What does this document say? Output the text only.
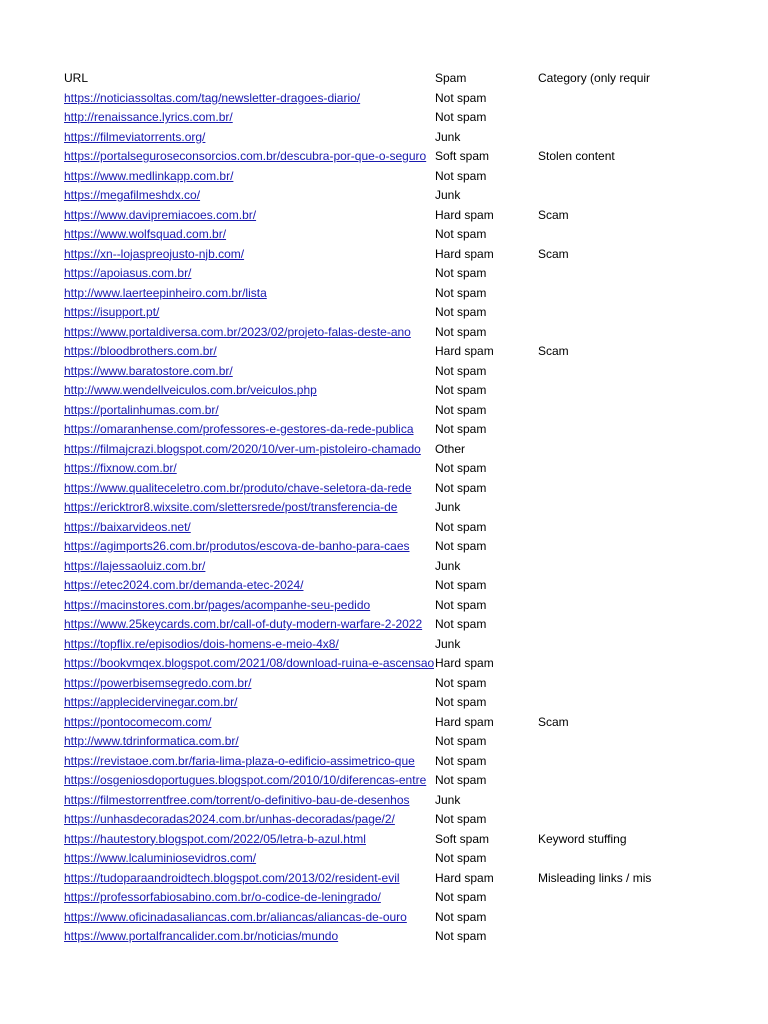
URL	Spam	Category (only requir
https://noticiassoltas.com/tag/newsletter-dragoes-diario/	Not spam
http://renaissance.lyrics.com.br/	Not spam
https://filmeviatorrents.org/	Junk
https://portalseguroseconsorcios.com.br/descubra-por-que-o-seguro Soft spam	Stolen content
https://www.medlinkapp.com.br/	Not spam
https://megafilmeshdx.co/	Junk
https://www.davipremiacoes.com.br/	Hard spam	Scam
https://www.wolfsquad.com.br/	Not spam
https://xn--lojaspreojusto-njb.com/	Hard spam	Scam
https://apoiasus.com.br/	Not spam
http://www.laerteepinheiro.com.br/lista	Not spam
https://isupport.pt/	Not spam
https://www.portaldiversa.com.br/2023/02/projeto-falas-deste-ano	Not spam
https://bloodbrothers.com.br/	Hard spam	Scam
https://www.baratostore.com.br/	Not spam
http://www.wendellveiculos.com.br/veiculos.php	Not spam
https://portalinhumas.com.br/	Not spam
https://omaranhense.com/professores-e-gestores-da-rede-publica	Not spam
https://filmajcrazi.blogspot.com/2020/10/ver-um-pistoleiro-chamado	Other
https://fixnow.com.br/	Not spam
https://www.qualiteceletro.com.br/produto/chave-seletora-da-rede	Not spam
https://ericktror8.wixsite.com/slettersrede/post/transferencia-de	Junk
https://baixarvideos.net/	Not spam
https://agimports26.com.br/produtos/escova-de-banho-para-caes	Not spam
https://lajessaoluiz.com.br/	Junk
https://etec2024.com.br/demanda-etec-2024/	Not spam
https://macinstores.com.br/pages/acompanhe-seu-pedido	Not spam
https://www.25keycards.com.br/call-of-duty-modern-warfare-2-2022	Not spam
https://topflix.re/episodios/dois-homens-e-meio-4x8/	Junk
https://bookvmqex.blogspot.com/2021/08/download-ruina-e-ascensao Hard spam
https://powerbisemsegredo.com.br/	Not spam
https://applecidervinegar.com.br/	Not spam
https://pontocomecom.com/	Hard spam	Scam
http://www.tdrinformatica.com.br/	Not spam
https://revistaoe.com.br/faria-lima-plaza-o-edificio-assimetrico-que	Not spam
https://osgeniosdoportugues.blogspot.com/2010/10/diferencas-entre Not spam
https://filmestorrentfree.com/torrent/o-definitivo-bau-de-desenhos	Junk
https://unhasdecoradas2024.com.br/unhas-decoradas/page/2/	Not spam
https://hautestory.blogspot.com/2022/05/letra-b-azul.html	Soft spam	Keyword stuffing
https://www.lcaluminiosevidros.com/	Not spam
https://tudoparaandroidtech.blogspot.com/2013/02/resident-evil	Hard spam	Misleading links / mis
https://professorfabiosabino.com.br/o-codice-de-leningrado/	Not spam
https://www.oficinadasaliancas.com.br/aliancas/aliancas-de-ouro	Not spam
https://www.portalfrancalider.com.br/noticias/mundo	Not spam
